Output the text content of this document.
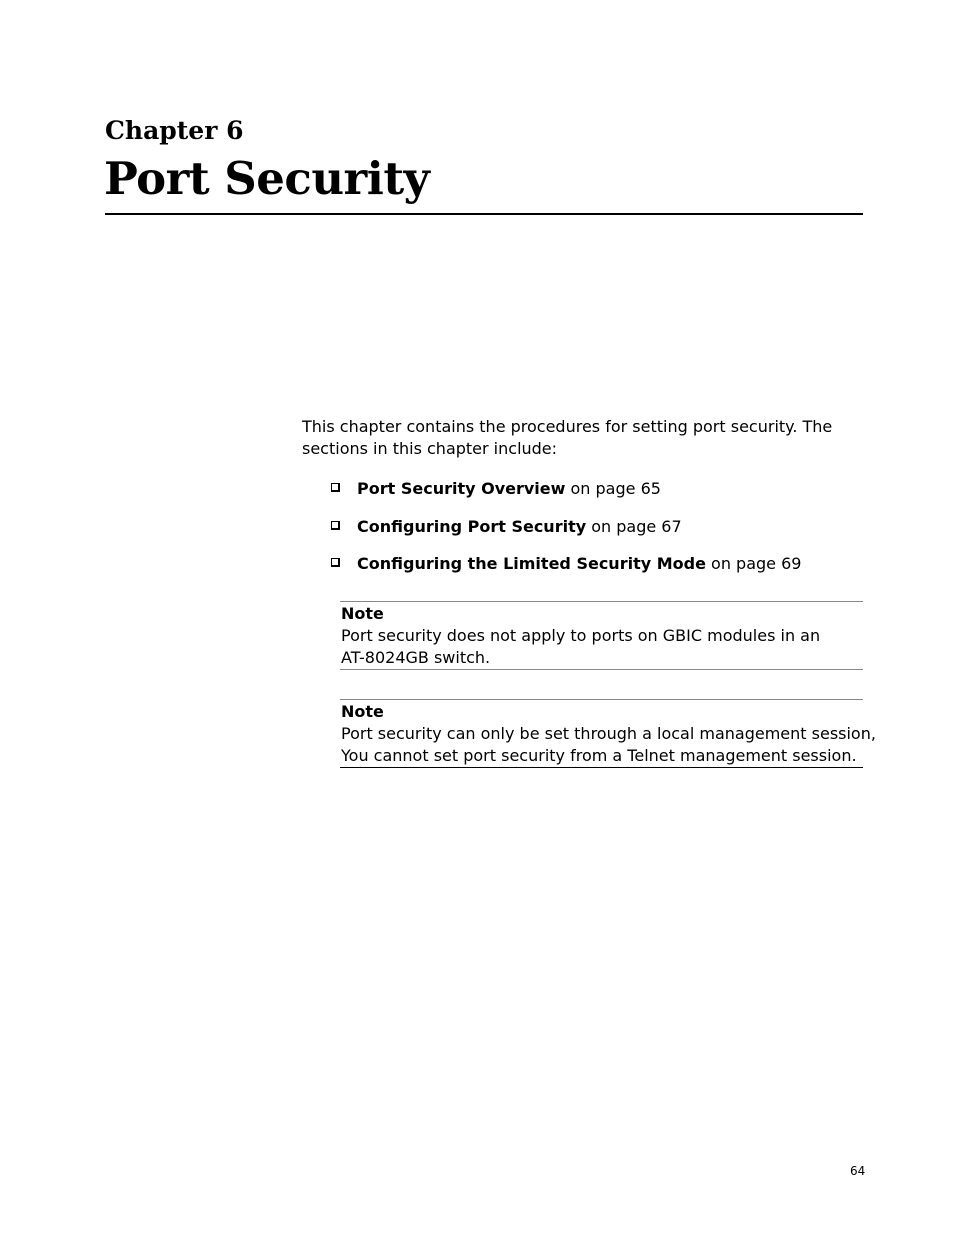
Chapter 6
Port Security

This chapter contains the procedures for setting port security. The sections in this chapter include:

Port Security Overview on page 65
Configuring Port Security on page 67
Configuring the Limited Security Mode on page 69
Note
Port security does not apply to ports on GBIC modules in an
AT-8024GB switch.
Note
Port security can only be set through a local management session,
You cannot set port security from a Telnet management session.
64
